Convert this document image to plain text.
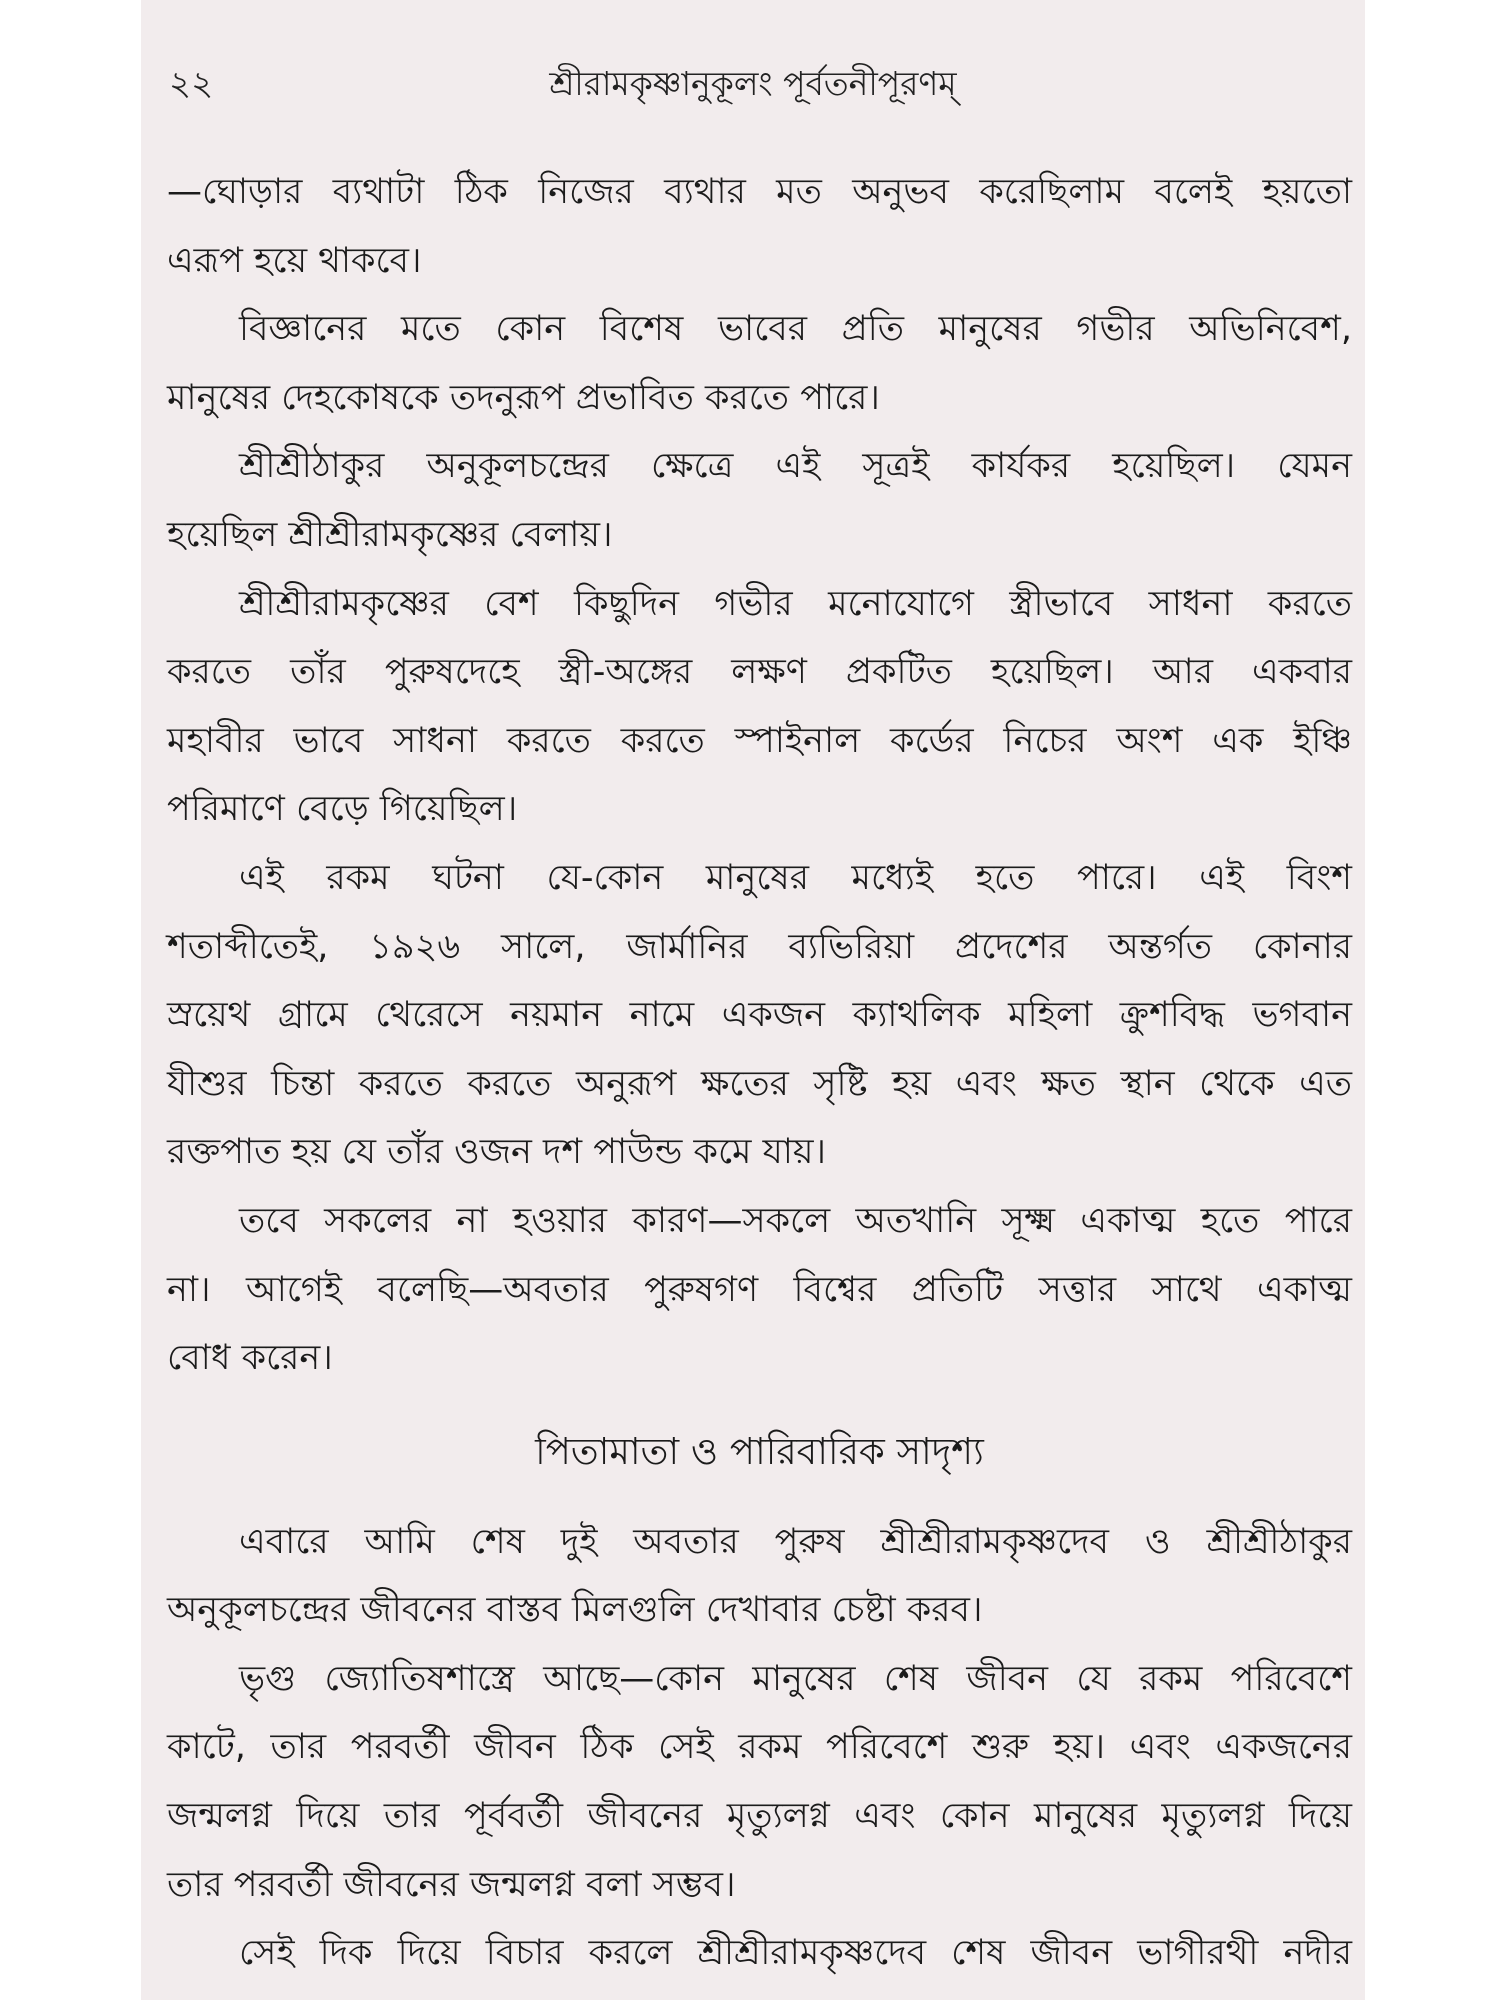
২২	শ্রীরামকৃষ্ণানুকূলং পূর্বতনীপূরণম্
—ঘোড়ার ব্যথাটা ঠিক নিজের ব্যথার মত অনুভব করেছিলাম বলেই হয়তো
এরূপ হয়ে থাকবে।
বিজ্ঞানের মতে কোন বিশেষ ভাবের প্রতি মানুষের গভীর অভিনিবেশ,
মানুষের দেহকোষকে তদনুরূপ প্রভাবিত করতে পারে।
শ্রীশ্রীঠাকুর অনুকূলচন্দ্রের ক্ষেত্রে এই সূত্রই কার্যকর হয়েছিল। যেমন
হয়েছিল শ্রীশ্রীরামকৃষ্ণের বেলায়।
শ্রীশ্রীরামকৃষ্ণের বেশ কিছুদিন গভীর মনোযোগে স্ত্রীভাবে সাধনা করতে
করতে তাঁর পুরুষদেহে স্ত্রী-অঙ্গের লক্ষণ প্রকটিত হয়েছিল। আর একবার
মহাবীর ভাবে সাধনা করতে করতে স্পাইনাল কর্ডের নিচের অংশ এক ইঞ্চি
পরিমাণে বেড়ে গিয়েছিল।
এই রকম ঘটনা যে-কোন মানুষের মধ্যেই হতে পারে। এই বিংশ
শতাব্দীতেই, ১৯২৬ সালে, জার্মানির ব্যভিরিয়া প্রদেশের অন্তর্গত কোনার
স্রয়েথ গ্রামে থেরেসে নয়মান নামে একজন ক্যাথলিক মহিলা ক্রুশবিদ্ধ ভগবান
যীশুর চিন্তা করতে করতে অনুরূপ ক্ষতের সৃষ্টি হয় এবং ক্ষত স্থান থেকে এত
রক্তপাত হয় যে তাঁর ওজন দশ পাউন্ড কমে যায়।
তবে সকলের না হওয়ার কারণ—সকলে অতখানি সূক্ষ্ম একাত্ম হতে পারে
না। আগেই বলেছি—অবতার পুরুষগণ বিশ্বের প্রতিটি সত্তার সাথে একাত্ম
বোধ করেন।
পিতামাতা ও পারিবারিক সাদৃশ্য
এবারে আমি শেষ দুই অবতার পুরুষ শ্রীশ্রীরামকৃষ্ণদেব ও শ্রীশ্রীঠাকুর
অনুকূলচন্দ্রের জীবনের বাস্তব মিলগুলি দেখাবার চেষ্টা করব।
ভৃগু জ্যোতিষশাস্ত্রে আছে—কোন মানুষের শেষ জীবন যে রকম পরিবেশে
কাটে, তার পরবর্তী জীবন ঠিক সেই রকম পরিবেশে শুরু হয়। এবং একজনের
জন্মলগ্ন দিয়ে তার পূর্ববর্তী জীবনের মৃত্যুলগ্ন এবং কোন মানুষের মৃত্যুলগ্ন দিয়ে
তার পরবর্তী জীবনের জন্মলগ্ন বলা সম্ভব।
সেই দিক দিয়ে বিচার করলে শ্রীশ্রীরামকৃষ্ণদেব শেষ জীবন ভাগীরথী নদীর
